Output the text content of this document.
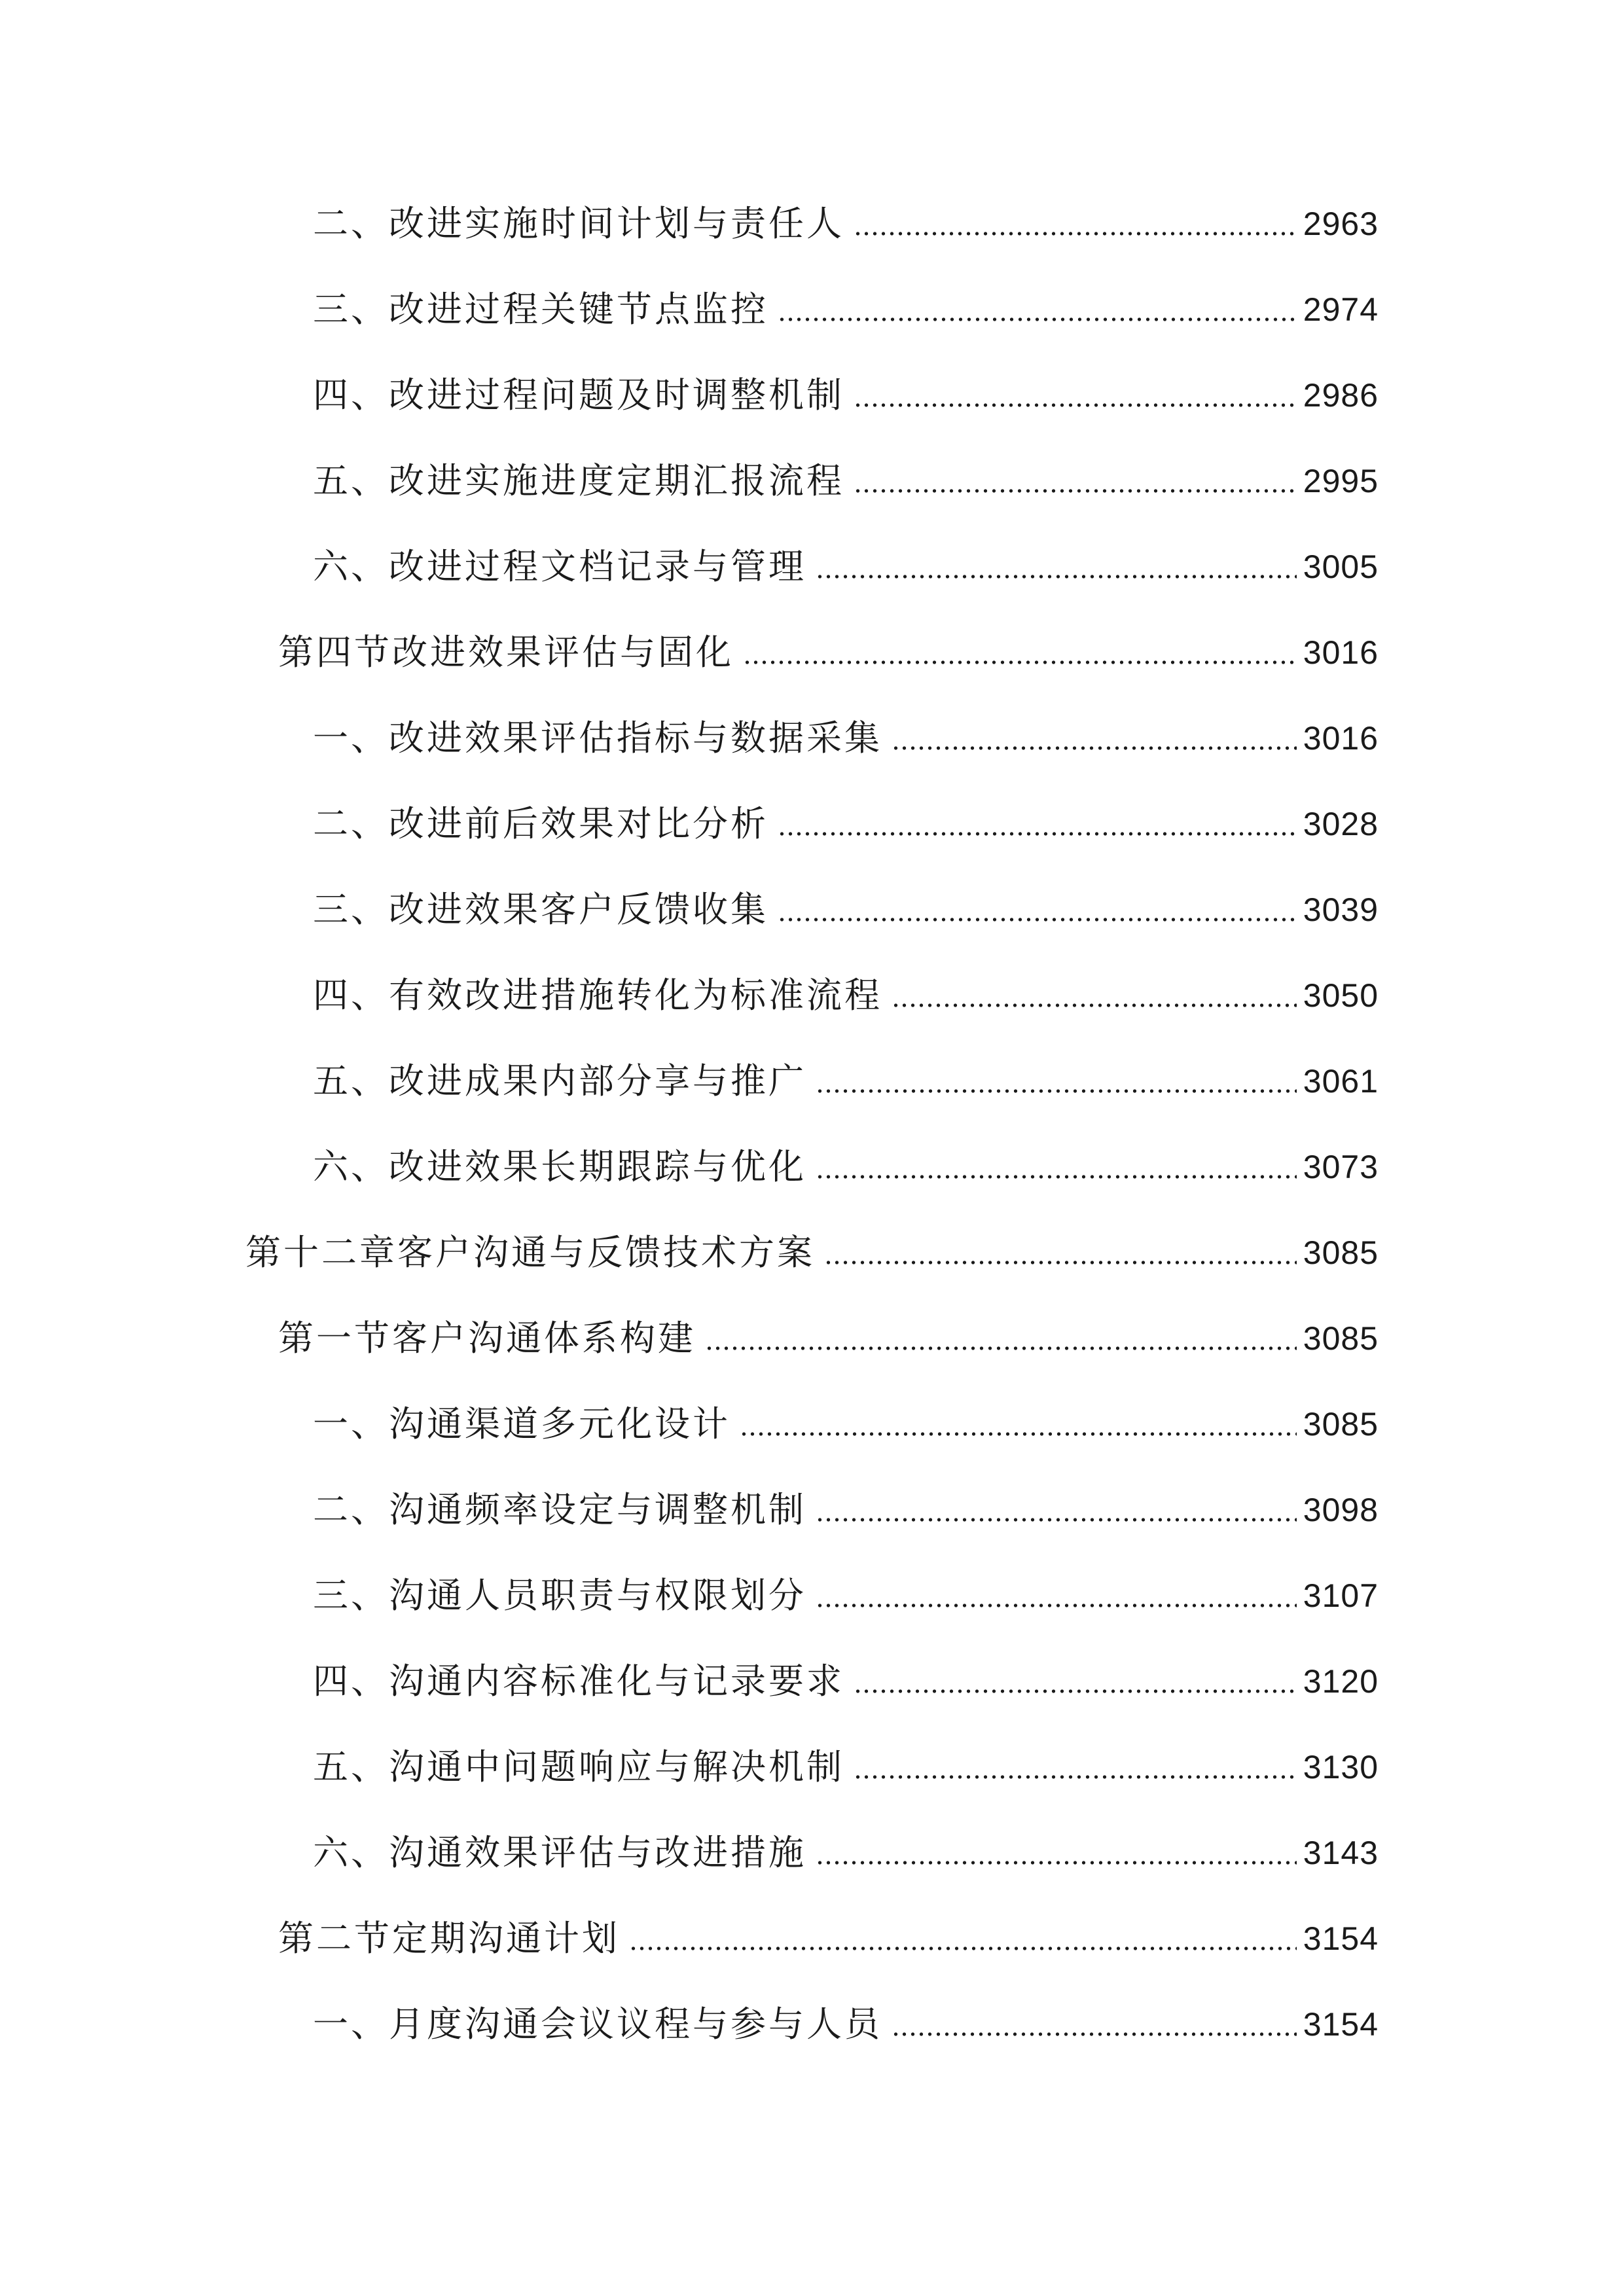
二、改进实施时间计划与责任人	2963
三、改进过程关键节点监控	2974
四、改进过程问题及时调整机制	2986
五、改进实施进度定期汇报流程	2995
六、改进过程文档记录与管理	3005
第四节改进效果评估与固化	3016
一、改进效果评估指标与数据采集	3016
二、改进前后效果对比分析	3028
三、改进效果客户反馈收集	3039
四、有效改进措施转化为标准流程	3050
五、改进成果内部分享与推广	3061
六、改进效果长期跟踪与优化	3073
第十二章客户沟通与反馈技术方案	3085
第一节客户沟通体系构建	3085
一、沟通渠道多元化设计	3085
二、沟通频率设定与调整机制	3098
三、沟通人员职责与权限划分	3107
四、沟通内容标准化与记录要求	3120
五、沟通中问题响应与解决机制	3130
六、沟通效果评估与改进措施	3143
第二节定期沟通计划	3154
一、月度沟通会议议程与参与人员	3154
